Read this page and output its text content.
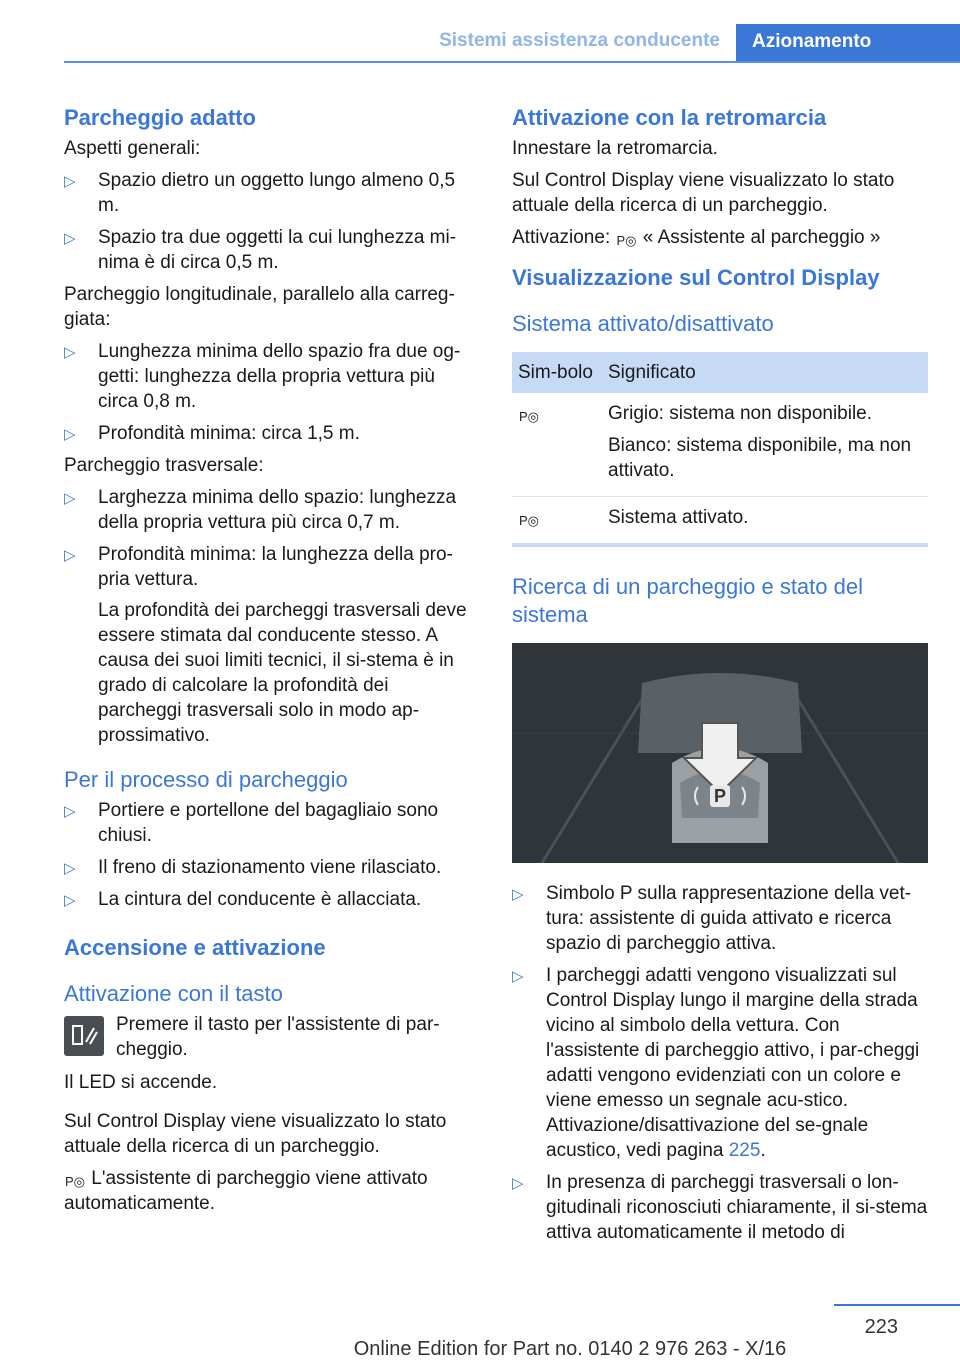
Sistemi assistenza conducente	Azionamento
Parcheggio adatto

Aspetti generali:

▷ Spazio dietro un oggetto lungo almeno 0,5 m.
▷ Spazio tra due oggetti la cui lunghezza mi-nima è di circa 0,5 m.

Parcheggio longitudinale, parallelo alla carreg-giata:

▷ Lunghezza minima dello spazio fra due og-getti: lunghezza della propria vettura più circa 0,8 m.
▷ Profondità minima: circa 1,5 m.

Parcheggio trasversale:

▷ Larghezza minima dello spazio: lunghezza della propria vettura più circa 0,7 m.
▷ Profondità minima: la lunghezza della pro-pria vettura.

La profondità dei parcheggi trasversali deve essere stimata dal conducente stesso. A causa dei suoi limiti tecnici, il si-stema è in grado di calcolare la profondità dei parcheggi trasversali solo in modo ap-prossimativo.

Per il processo di parcheggio
▷ Portiere e portellone del bagagliaio sono chiusi.
▷ Il freno di stazionamento viene rilasciato.
▷ La cintura del conducente è allacciata.
Accensione e attivazione
Attivazione con il tasto

Premere il tasto per l'assistente di par-cheggio.

Il LED si accende.

Sul Control Display viene visualizzato lo stato attuale della ricerca di un parcheggio.

P◎ L'assistente di parcheggio viene attivato automaticamente.

Attivazione con la retromarcia

Innestare la retromarcia.

Sul Control Display viene visualizzato lo stato attuale della ricerca di un parcheggio.

Attivazione: P◎ « Assistente al parcheggio »

Visualizzazione sul Control Display
Sistema attivato/disattivato
Sim-bolo	Significato
P◎	Grigio: sistema non disponibile.

Bianco: sistema disponibile, ma non attivato.

P◎	Sistema attivato.

Ricerca di un parcheggio e stato del sistema
P
▷ Simbolo P sulla rappresentazione della vet-tura: assistente di guida attivato e ricerca spazio di parcheggio attiva.
▷ I parcheggi adatti vengono visualizzati sul Control Display lungo il margine della strada vicino al simbolo della vettura. Con l'assistente di parcheggio attivo, i par-cheggi adatti vengono evidenziati con un colore e viene emesso un segnale acu-stico. Attivazione/disattivazione del se-gnale acustico, vedi pagina 225.
▷ In presenza di parcheggi trasversali o lon-gitudinali riconosciuti chiaramente, il si-stema attiva automaticamente il metodo di
223
Online Edition for Part no. 0140 2 976 263 - X/16
